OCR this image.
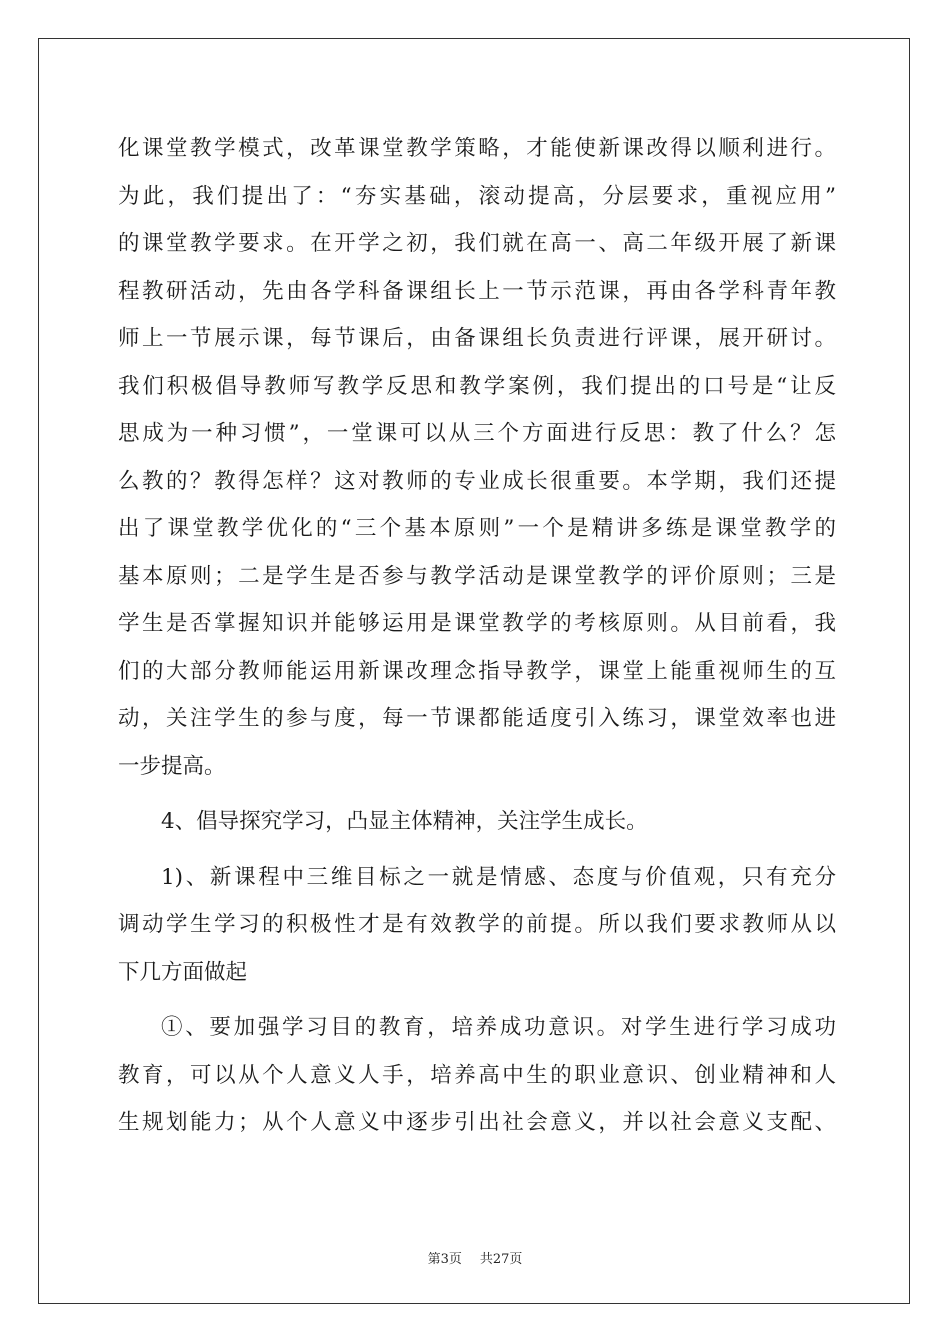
化课堂教学模式，改革课堂教学策略，才能使新课改得以顺利进行。
为此，我们提出了：“夯实基础，滚动提高，分层要求，重视应用”
的课堂教学要求。在开学之初，我们就在高一、高二年级开展了新课
程教研活动，先由各学科备课组长上一节示范课，再由各学科青年教
师上一节展示课，每节课后，由备课组长负责进行评课，展开研讨。
我们积极倡导教师写教学反思和教学案例，我们提出的口号是“让反
思成为一种习惯”，一堂课可以从三个方面进行反思：教了什么？怎
么教的？教得怎样？这对教师的专业成长很重要。本学期，我们还提
出了课堂教学优化的“三个基本原则”一个是精讲多练是课堂教学的
基本原则；二是学生是否参与教学活动是课堂教学的评价原则；三是
学生是否掌握知识并能够运用是课堂教学的考核原则。从目前看，我
们的大部分教师能运用新课改理念指导教学，课堂上能重视师生的互
动，关注学生的参与度，每一节课都能适度引入练习，课堂效率也进
一步提高。
4、倡导探究学习，凸显主体精神，关注学生成长。
1)、新课程中三维目标之一就是情感、态度与价值观，只有充分
调动学生学习的积极性才是有效教学的前提。所以我们要求教师从以
下几方面做起
①、要加强学习目的教育，培养成功意识。对学生进行学习成功
教育，可以从个人意义人手，培养高中生的职业意识、创业精神和人
生规划能力；从个人意义中逐步引出社会意义，并以社会意义支配、
第3页 共27页
